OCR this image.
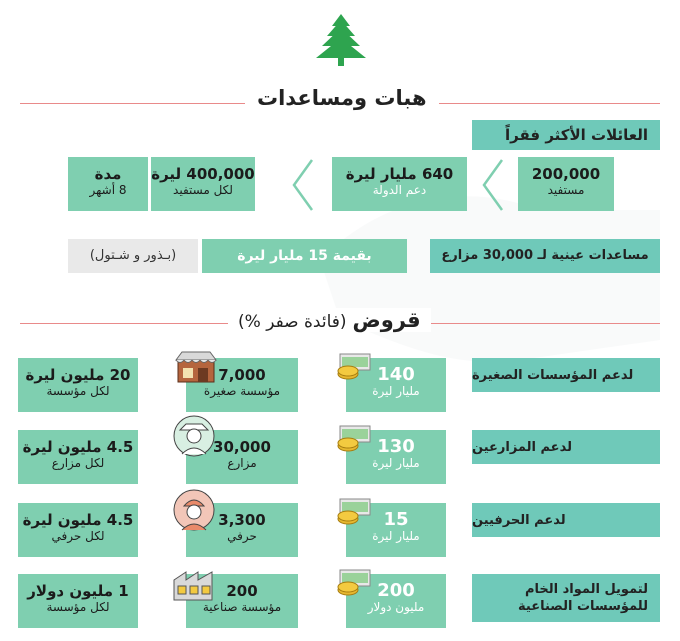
هبات ومساعدات
العائلات الأكثر فقراً
200,000
مستفيد
640 مليار ليرة
دعم الدولة
400,000 ليرة
لكل مستفيد
مدة
8 أشهر
مساعدات عينية لـ 30,000 مزارع
بقيمة 15 مليار ليرة
(بـذور و شـتول)
قروض
(فائدة صفر %)
لدعم المؤسسات الصغيرة
140
مليار ليرة
7,000
مؤسسة صغيرة
20 مليون ليرة
لكل مؤسسة
لدعم المزارعين
130
مليار ليرة
30,000
مزارع
4.5 مليون ليرة
لكل مزارع
لدعم الحرفيين
15
مليار ليرة
3,300
حرفي
4.5 مليون ليرة
لكل حرفي
لتمويل المواد الخام للمؤسسات الصناعية
200
مليون دولار
200
مؤسسة صناعية
1 مليون دولار
لكل مؤسسة
